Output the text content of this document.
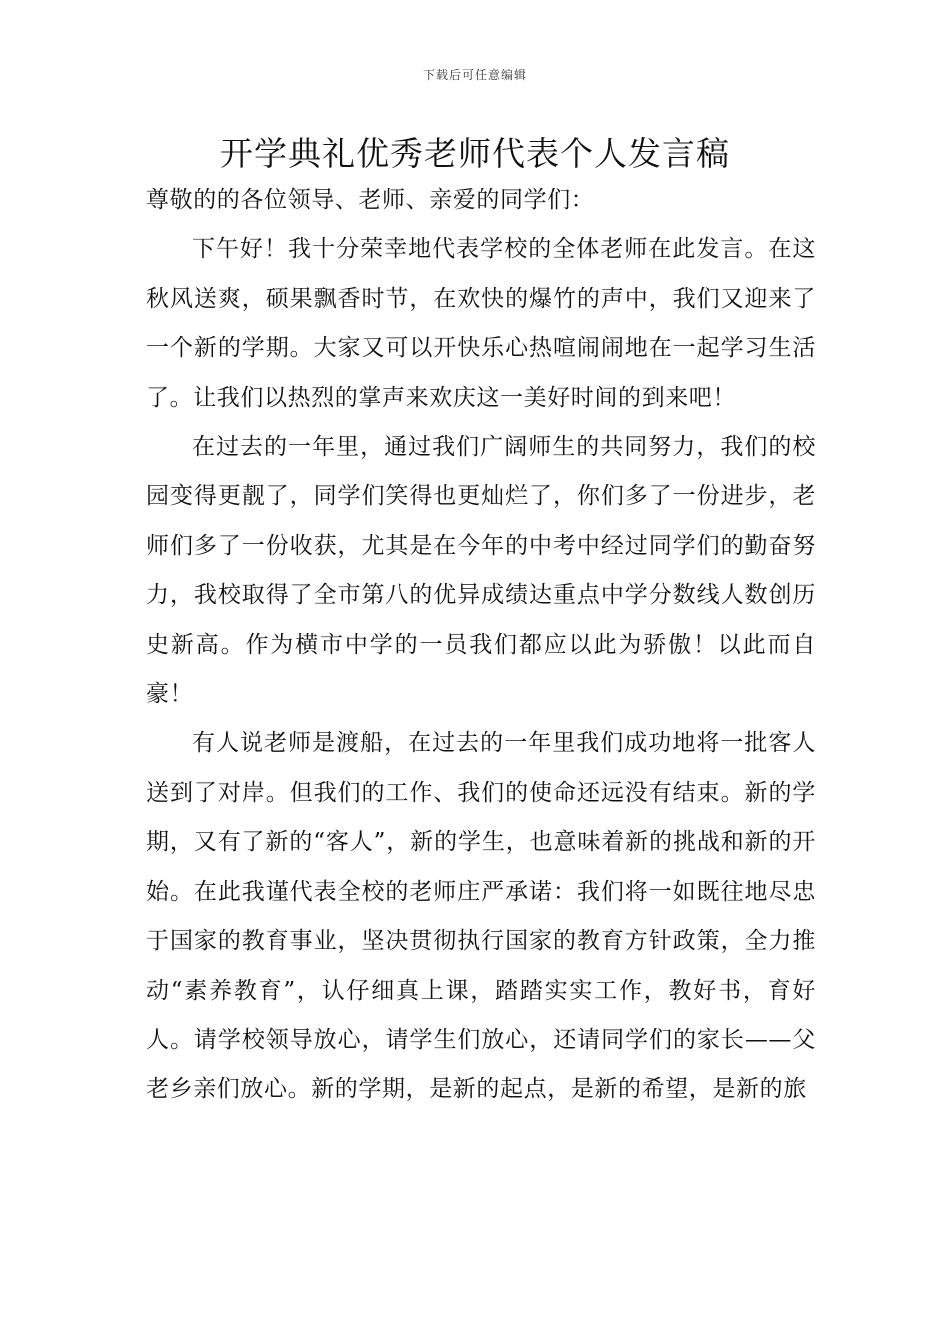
下载后可任意编辑
开学典礼优秀老师代表个人发言稿

尊敬的的各位领导、老师、亲爱的同学们：

下午好！我十分荣幸地代表学校的全体老师在此发言。在这秋风送爽，硕果飘香时节，在欢快的爆竹的声中，我们又迎来了一个新的学期。大家又可以开快乐心热喧闹闹地在一起学习生活了。让我们以热烈的掌声来欢庆这一美好时间的到来吧！

在过去的一年里，通过我们广阔师生的共同努力，我们的校园变得更靓了，同学们笑得也更灿烂了，你们多了一份进步，老师们多了一份收获，尤其是在今年的中考中经过同学们的勤奋努力，我校取得了全市第八的优异成绩达重点中学分数线人数创历史新高。作为横市中学的一员我们都应以此为骄傲！以此而自豪！

有人说老师是渡船，在过去的一年里我们成功地将一批客人送到了对岸。但我们的工作、我们的使命还远没有结束。新的学期，又有了新的“客人”，新的学生，也意味着新的挑战和新的开始。在此我谨代表全校的老师庄严承诺：我们将一如既往地尽忠于国家的教育事业，坚决贯彻执行国家的教育方针政策，全力推动“素养教育”，认仔细真上课，踏踏实实工作，教好书，育好人。请学校领导放心，请学生们放心，还请同学们的家长——父老乡亲们放心。新的学期，是新的起点，是新的希望，是新的旅
